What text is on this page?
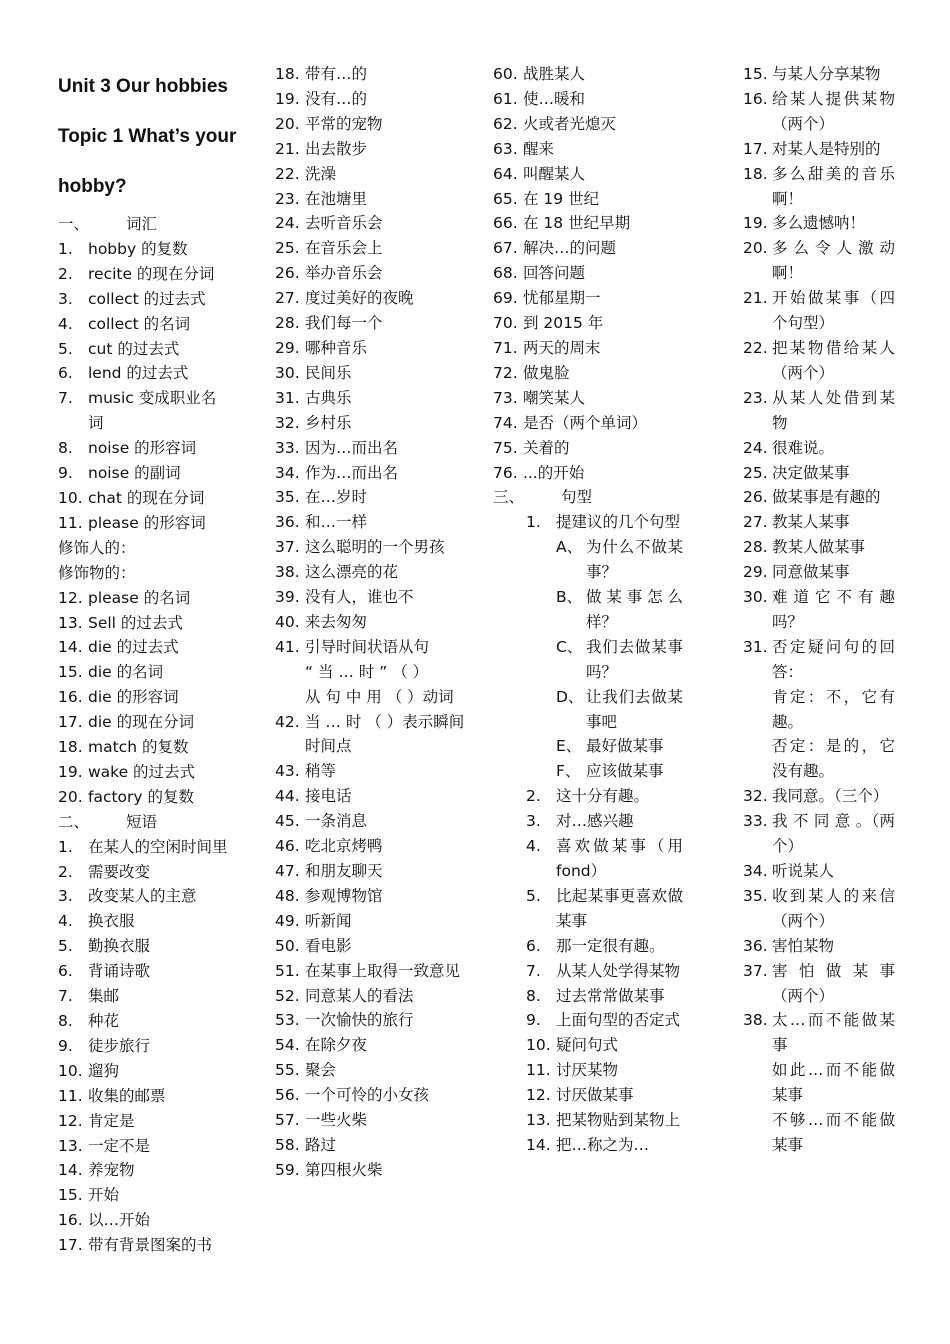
Unit 3 Our hobbies
Topic 1 What’s your
hobby?
一、	词汇
1. hobby 的复数
2. recite 的现在分词
3. collect 的过去式
4. collect 的名词
5. cut 的过去式
6. lend 的过去式
7. music 变成职业名
词
8. noise 的形容词
9. noise 的副词
10. chat 的现在分词
11. please 的形容词
修饰人的：
修饰物的：
12. please 的名词
13. Sell 的过去式
14. die 的过去式
15. die 的名词
16. die 的形容词
17. die 的现在分词
18. match 的复数
19. wake 的过去式
20. factory 的复数
二、	短语
1. 在某人的空闲时间里
2. 需要改变
3. 改变某人的主意
4. 换衣服
5. 勤换衣服
6. 背诵诗歌
7. 集邮
8. 种花
9. 徒步旅行
10. 遛狗
11. 收集的邮票
12. 肯定是
13. 一定不是
14. 养宠物
15. 开始
16. 以…开始
17. 带有背景图案的书
18. 带有…的
19. 没有…的
20. 平常的宠物
21. 出去散步
22. 洗澡
23. 在池塘里
24. 去听音乐会
25. 在音乐会上
26. 举办音乐会
27. 度过美好的夜晚
28. 我们每一个
29. 哪种音乐
30. 民间乐
31. 古典乐
32. 乡村乐
33. 因为…而出名
34. 作为…而出名
35. 在…岁时
36. 和…一样
37. 这么聪明的一个男孩
38. 这么漂亮的花
39. 没有人，谁也不
40. 来去匆匆
41. 引导时间状语从句
“ 当 … 时 ” （ ）
从 句 中 用 （ ）动词
42. 当 … 时 （ ）表示瞬间时间点
43. 稍等
44. 接电话
45. 一条消息
46. 吃北京烤鸭
47. 和朋友聊天
48. 参观博物馆
49. 听新闻
50. 看电影
51. 在某事上取得一致意见
52. 同意某人的看法
53. 一次愉快的旅行
54. 在除夕夜
55. 聚会
56. 一个可怜的小女孩
57. 一些火柴
58. 路过
59. 第四根火柴
60. 战胜某人
61. 使…暖和
62. 火或者光熄灭
63. 醒来
64. 叫醒某人
65. 在 19 世纪
66. 在 18 世纪早期
67. 解决…的问题
68. 回答问题
69. 忧郁星期一
70. 到 2015 年
71. 两天的周末
72. 做鬼脸
73. 嘲笑某人
74. 是否（两个单词）
75. 关着的
76. ...的开始
三、	句型
1. 提建议的几个句型
A、 为什么不做某事？
B、 做某事怎么样？
C、 我们去做某事吗？
D、 让我们去做某事吧
E、 最好做某事
F、 应该做某事
2. 这十分有趣。
3. 对…感兴趣
4. 喜欢做某事（用 fond）
5. 比起某事更喜欢做某事
6. 那一定很有趣。
7. 从某人处学得某物
8. 过去常常做某事
9. 上面句型的否定式
10. 疑问句式
11. 讨厌某物
12. 讨厌做某事
13. 把某物贴到某物上
14. 把…称之为…
15. 与某人分享某物
16. 给某人提供某物（两个）
17. 对某人是特别的
18. 多么甜美的音乐啊！
19. 多么遗憾呐！
20. 多么令人激动啊！
21. 开始做某事（四个句型）
22. 把某物借给某人（两个）
23. 从某人处借到某物
24. 很难说。
25. 决定做某事
26. 做某事是有趣的
27. 教某人某事
28. 教某人做某事
29. 同意做某事
30. 难道它不有趣吗？
31. 否定疑问句的回答：
肯定：不，它有趣。
否定：是的，它没有趣。
32. 我同意。（三个）
33. 我 不 同 意 。（两个）
34. 听说某人
35. 收到某人的来信（两个）
36. 害怕某物
37. 害 怕 做 某 事（两个）
38. 太…而不能做某事
如此…而不能做某事
不够…而不能做某事
